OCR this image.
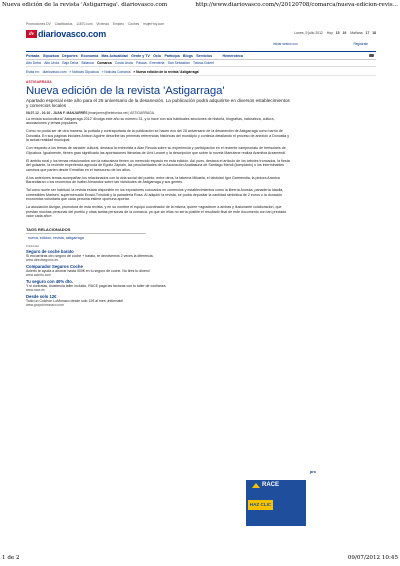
Nueva edición de la revista 'Astigarraga'. diariovasco.com	http://www.diariovasco.com/v/20120708/comarca/nueva-edicion-revis...
Promociones DV Clasificados 11870.com Vivienda Empleo Coches mujerHoy.com
dv diariovasco.com	Lunes, 9 julio 2012 Hoy 15 19 Mañana 17 18
Iniciar sesión con	Registrate
Portada Gipuzkoa Deportes Economía Más Actualidad Gente y TV Ocio Participa Blogs Servicios	Hemeroteca
Alto Deba Alto Urola Bajo Deba Bidasoa Comarca Costa Urola Pasaia - Errenteria San Sebastián Tolosa-Goierri
Estás en: diariovasco.com » Noticias Gipuzkoa » Noticias Comarca » Nueva edición de la revista 'Astigarraga'
ASTIGARRAGA
Nueva edición de la revista 'Astigarraga'
Apartado especial este año para el 25 aniversario de la desanexión. La publicación podrá adquirirse en diversos establecimientos y comercios locales
08.07.12 - 01:10 - JUAN F. MANJARRÉS jfmanjarres@telefonica.net | ASTIGARRAGA.

La revista sociocultural 'Astigarraga 2012' divulga este año su número 31, y lo hace con sus habituales secciones de historia, biografías, naturaleza, cultura, asociaciones y temas populares.

Como no podía ser de otra manera, la portada y contraportada de la publicación se hacen eco del 25 aniversario de la desanexión de Astigarraga como barrio de Donostia. En sus páginas iniciales Antxon Aguirre describe las primeras referencias históricas del municipio y continúa detallando el proceso de anexión a Donostia y la actual realidad municipal.

Con respecto a los temas de carácter cultural, destaca la entrevista a Aian Reoola sobre su experiencia y participación en el reciente campeonato de bertsolaris de Gipuzkoa. Igualmente, tienen gran significado las aportaciones literarias de Urbi Leonet y la descripción que sobre la novela Martutene realiza Aramitxa Arzamendi.

El ámbito rural y los temas relacionados con la naturaleza tienen un merecido espacio en esta edición. Así pues, destaca el artículo de los árboles truncados, la fiesta del guisante, la reciente experiencia agrícola de Egoitz Zapiain, las peculiaridades de la Asociación Anaitasuna de Santiago Mendi (komplantx) o los interminables caminos que parten desde Ermañán en el transcurso de los años.

A los anteriores temas acompañan los relacionados con la vida social del pueblo, entre otros, la taberna Mikaela, el txistulari Igor Garmendia, la pintora Arantxa Barandiaran o los recuerdos de Isabel Almandoz sobre las vicisitudes de Astigarraga y sus gentes.

Tal como suele ser habitual, la revista estará disponible en los expositores colocados en comercios y establecimientos como la librería Anuska, panadería Idaolla, comestibles Marisen, supermercado Eroski-Txindoki y la panadería Rosa. Al adquirir la revista, se podrá depositar la cantidad simbólica de 2 euros o la donación económica voluntaria que cada persona estime oportuna aportar.

La asociación Atzigar, promotora de esta revista, y en su nombre el equipo coordinador de la misma, quiere «agradecer a ambas y ilusionante colaboración, que prestan muchas personas del pueblo y otras tantas personas de la comarca, ya que sin ellas no sería posible el resultado final de este documento con tan preciado valor cada año».

TAGS RELACIONADOS
nueva, edicion, revista, astigarraga
Publicidad
Seguro de coche barato
Si encuentras otro seguro de coche + barato, te devolvemos 2 veces la diferencia.
www.directseguros.es
Comparador Seguros Coche
Acierto te ayuda a ahorrar hasta 500€ en tu seguro de coche. No tires tu dinero!
www.acierto.com
Tu seguro con 40% dto.
Y si contratas, Asistencia taller incluido, RACE paga las facturas con tu taller de confianza.
www.race.es
Desde solo 12€
Todo un Colchón LoMonaco desde solo 12€ al mes ¡infórmate!
www.grupolomonaco.com
pro
RACE
HAZ CLIC
1 de 2	09/07/2012 10:45
